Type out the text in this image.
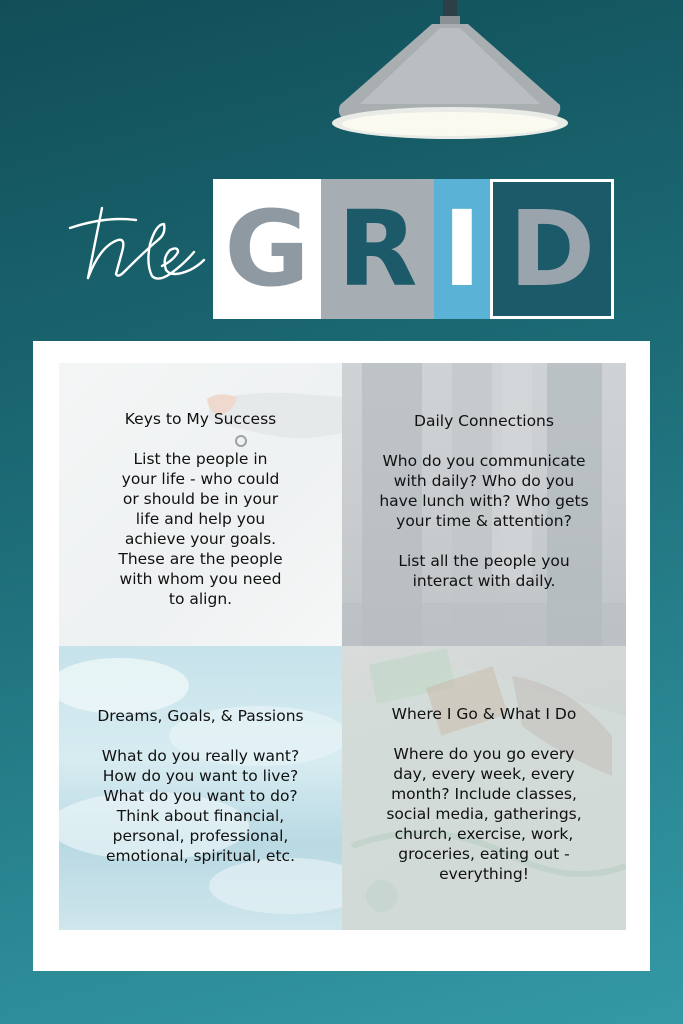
G R I D
Keys to My Success

List the people in

your life - who could

or should be in your

life and help you

achieve your goals.

These are the people

with whom you need

to align.

Daily Connections

Who do you communicate

with daily? Who do you

have lunch with? Who gets

your time & attention?

List all the people you

interact with daily.

Dreams, Goals, & Passions

What do you really want?

How do you want to live?

What do you want to do?

Think about financial,

personal, professional,

emotional, spiritual, etc.

Where I Go & What I Do

Where do you go every

day, every week, every

month? Include classes,

social media, gatherings,

church, exercise, work,

groceries, eating out -

everything!
